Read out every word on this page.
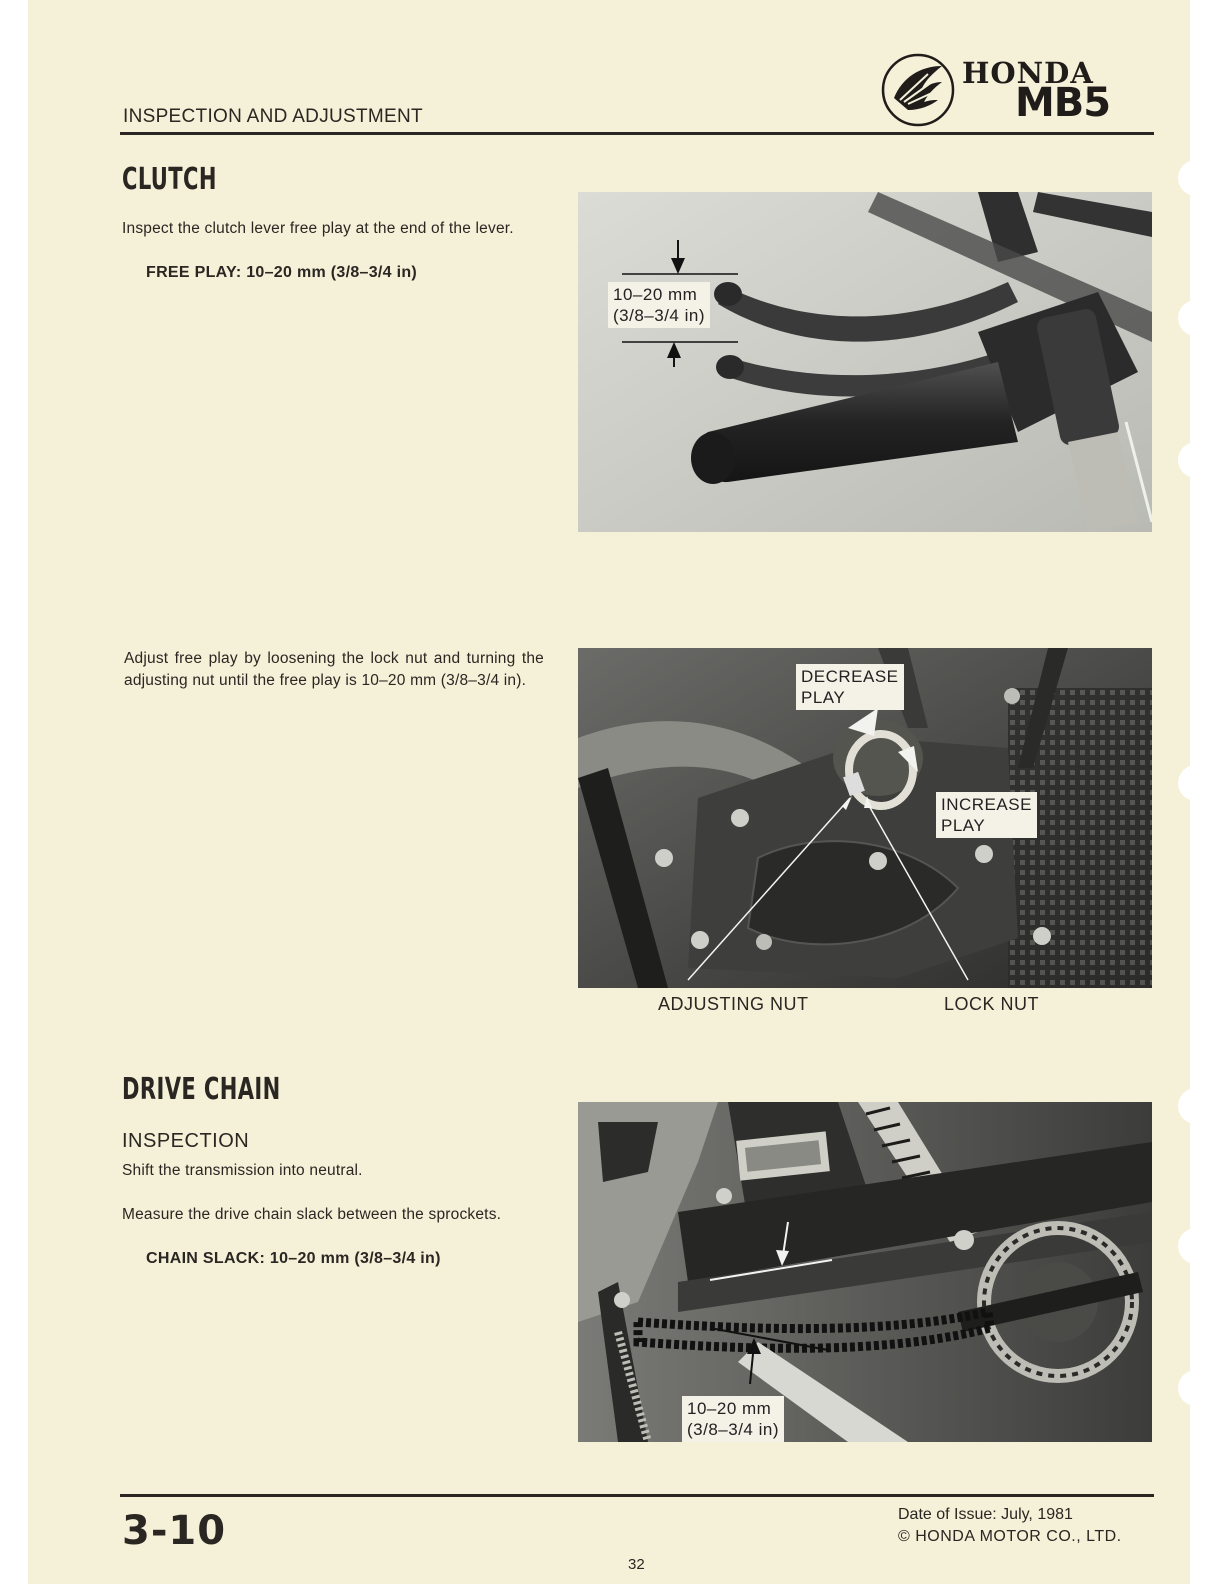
INSPECTION AND ADJUSTMENT
HONDA
MB5
CLUTCH
Inspect the clutch lever free play at the end of the lever.
FREE PLAY: 10–20 mm (3/8–3/4 in)
10–20 mm
(3/8–3/4 in)
Adjust free play by loosening the lock nut and turning the adjusting nut until the free play is 10–20 mm (3/8–3/4 in).	DECREASE
PLAY
INCREASE
PLAY
ADJUSTING NUT	LOCK NUT
DRIVE CHAIN
INSPECTION
Shift the transmission into neutral.
Measure the drive chain slack between the sprockets.
CHAIN SLACK: 10–20 mm (3/8–3/4 in)
10–20 mm
(3/8–3/4 in)
3-10
32
Date of Issue: July, 1981
© HONDA MOTOR CO., LTD.
